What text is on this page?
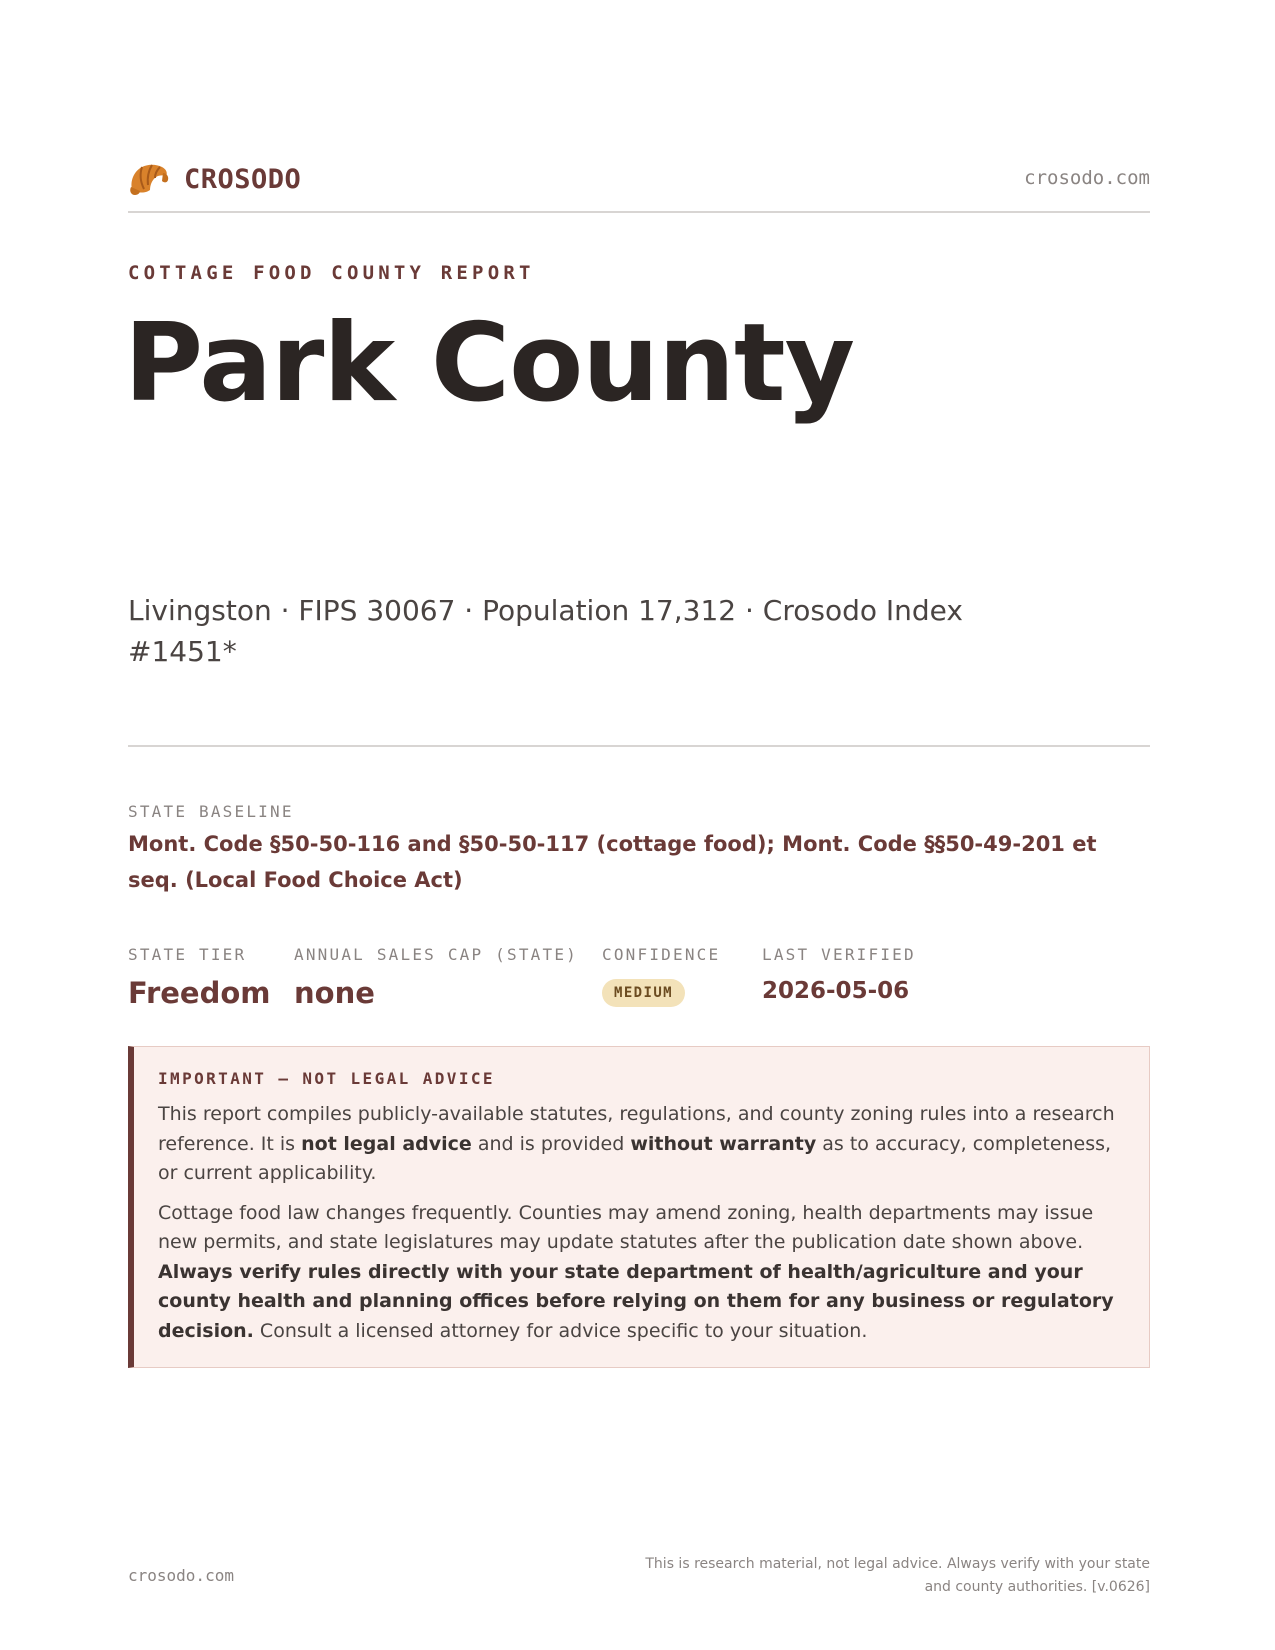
CROSODO	crosodo.com
COTTAGE FOOD COUNTY REPORT
Park County
Livingston · FIPS 30067 · Population 17,312 · Crosodo Index #1451*
STATE BASELINE
Mont. Code §50-50-116 and §50-50-117 (cottage food); Mont. Code §§50-49-201 et seq. (Local Food Choice Act)
STATE TIER
Freedom
ANNUAL SALES CAP (STATE)
none
CONFIDENCE
MEDIUM
LAST VERIFIED
2026-05-06
IMPORTANT — NOT LEGAL ADVICE

This report compiles publicly-available statutes, regulations, and county zoning rules into a research reference. It is not legal advice and is provided without warranty as to accuracy, completeness, or current applicability.

Cottage food law changes frequently. Counties may amend zoning, health departments may issue new permits, and state legislatures may update statutes after the publication date shown above. Always verify rules directly with your state department of health/agriculture and your county health and planning offices before relying on them for any business or regulatory decision. Consult a licensed attorney for advice specific to your situation.

crosodo.com
This is research material, not legal advice. Always verify with your state and county authorities. [v.0626]
